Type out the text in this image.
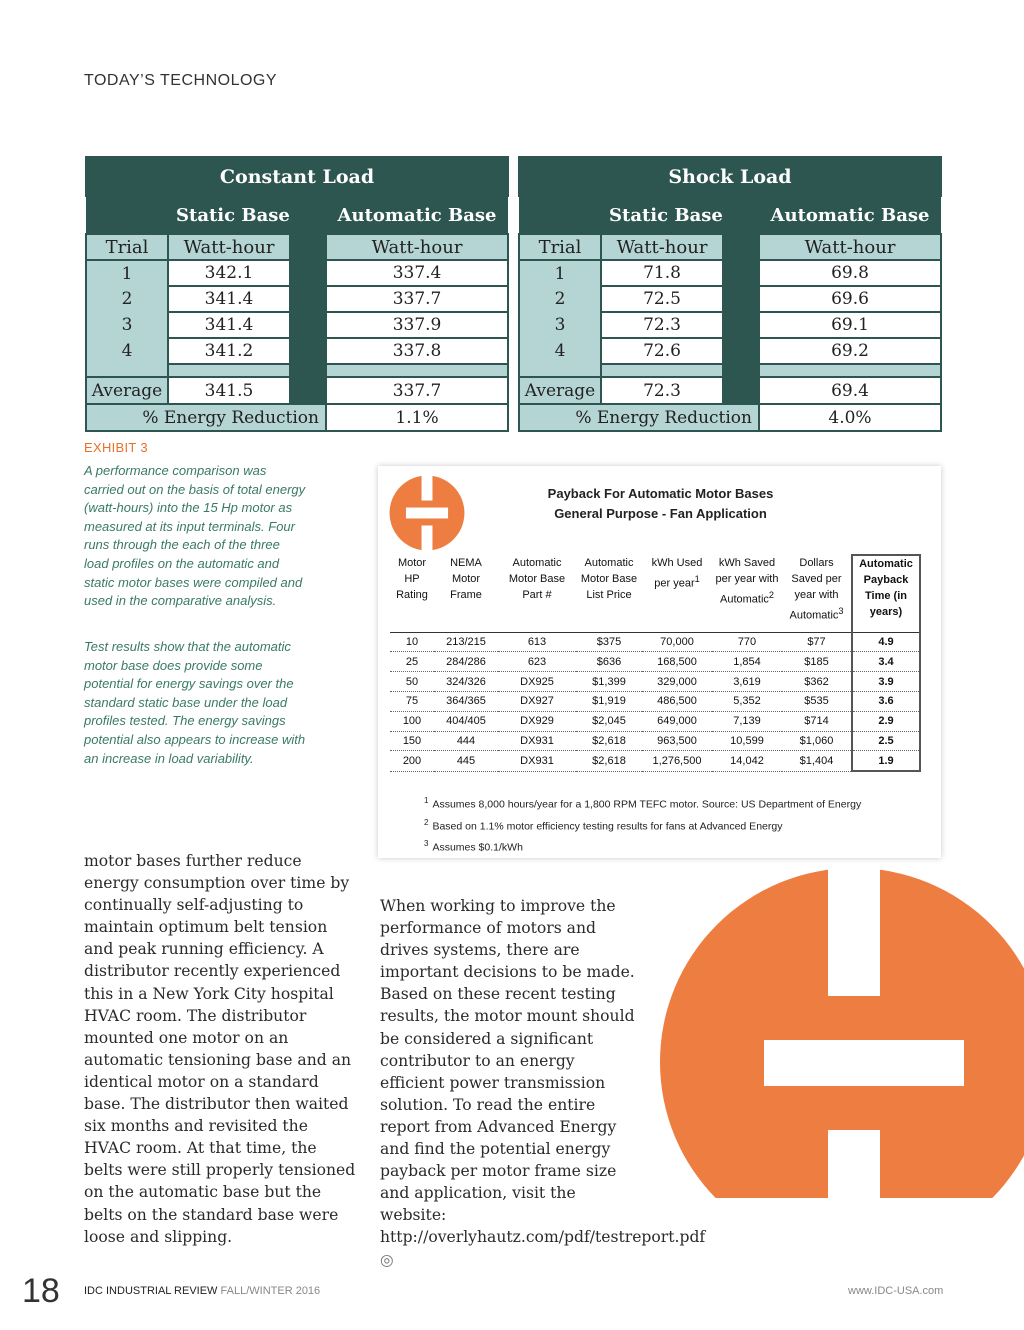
TODAY’S TECHNOLOGY
Constant Load			
	Static Base		Automatic Base
Trial	Watt-hour		Watt-hour
1	342.1		337.4
2	341.4		337.7
3	341.4		337.9
4	341.2		337.8

Average	341.5		337.7
% Energy Reduction			1.1%
Shock Load			
	Static Base		Automatic Base
Trial	Watt-hour		Watt-hour
1	71.8		69.8
2	72.5		69.6
3	72.3		69.1
4	72.6		69.2

Average	72.3		69.4
% Energy Reduction			4.0%
EXHIBIT 3
A performance comparison was carried out on the basis of total energy (watt-hours) into the 15 Hp motor as measured at its input terminals. Four runs through the each of the three load profiles on the automatic and static motor bases were compiled and used in the comparative analysis.
Test results show that the automatic motor base does provide some potential for energy savings over the standard static base under the load profiles tested. The energy savings potential also appears to increase with an increase in load variability.
Payback For Automatic Motor Bases
General Purpose - Fan Application
Motor HP Rating	NEMA Motor Frame	Automatic Motor Base Part #	Automatic Motor Base List Price	kWh Used per year$^1$	kWh Saved per year with Automatic$^2$	Dollars Saved per year with Automatic$^3$	Automatic Payback Time (in years)
10	213/215	613	$375	70,000	770	$77	4.9
25	284/286	623	$636	168,500	1,854	$185	3.4
50	324/326	DX925	$1,399	329,000	3,619	$362	3.9
75	364/365	DX927	$1,919	486,500	5,352	$535	3.6
100	404/405	DX929	$2,045	649,000	7,139	$714	2.9
150	444	DX931	$2,618	963,500	10,599	$1,060	2.5
200	445	DX931	$2,618	1,276,500	14,042	$1,404	1.9
$^1$ Assumes 8,000 hours/year for a 1,800 RPM TEFC motor. Source: US Department of Energy
$^2$ Based on 1.1% motor efficiency testing results for fans at Advanced Energy
$^3$ Assumes $0.1/kWh
motor bases further reduce energy consumption over time by continually self-adjusting to maintain optimum belt tension and peak running efficiency. A distributor recently experienced this in a New York City hospital HVAC room. The distributor mounted one motor on an automatic tensioning base and an identical motor on a standard base. The distributor then waited six months and revisited the HVAC room. At that time, the belts were still properly tensioned on the automatic base but the belts on the standard base were loose and slipping.
When working to improve the performance of motors and drives systems, there are important decisions to be made. Based on these recent testing results, the motor mount should be considered a significant contributor to an energy efficient power transmission solution. To read the entire report from Advanced Energy and find the potential energy payback per motor frame size and application, visit the website: http://overlyhautz.com/pdf/testreport.pdf ◎
18 IDC INDUSTRIAL REVIEW FALL/WINTER 2016	www.IDC-USA.com
